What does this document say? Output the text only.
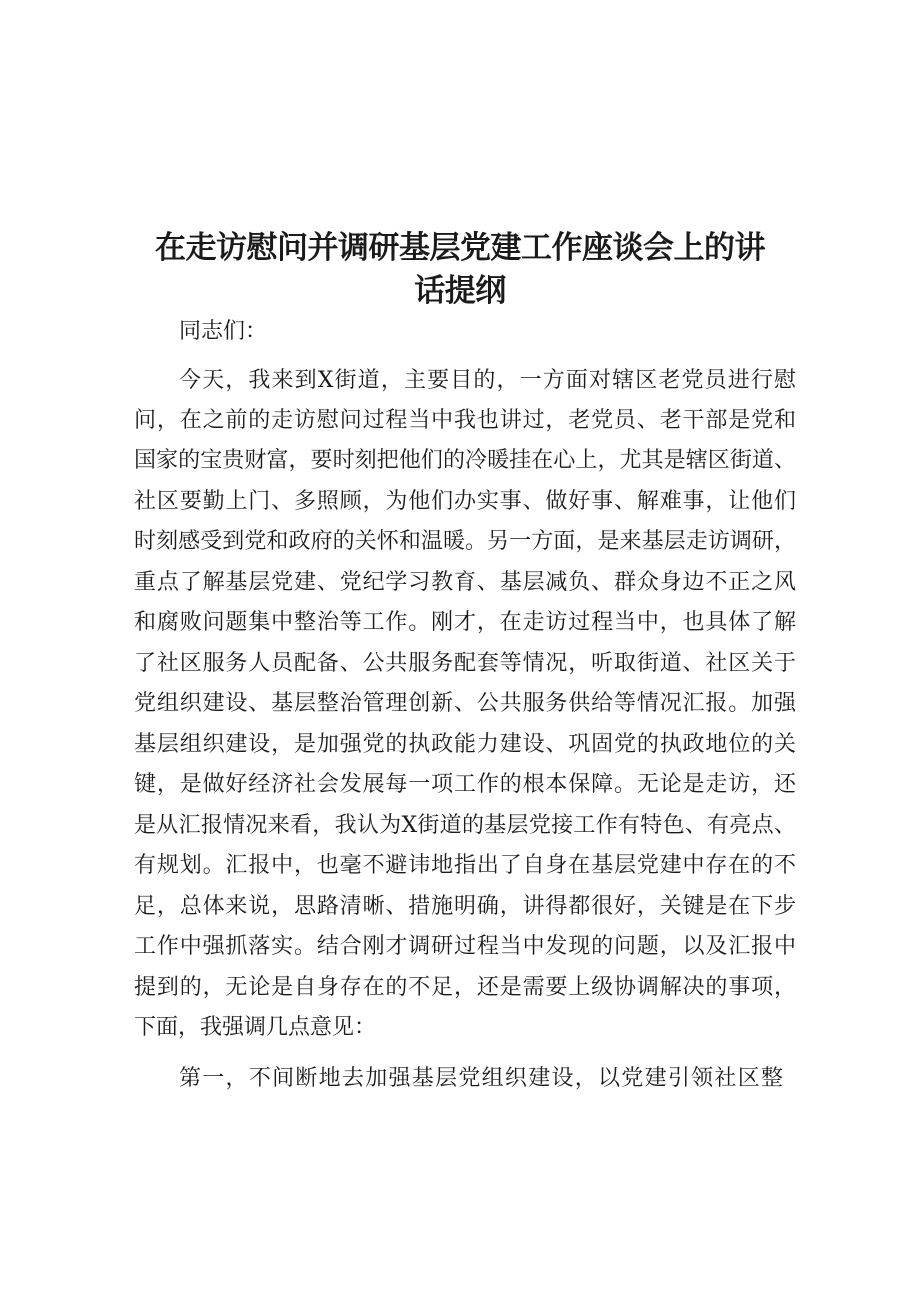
在走访慰问并调研基层党建工作座谈会上的讲
话提纲
同志们：
今天，我来到X街道，主要目的，一方面对辖区老党员进行慰
问，在之前的走访慰问过程当中我也讲过，老党员、老干部是党和
国家的宝贵财富，要时刻把他们的冷暖挂在心上，尤其是辖区街道、
社区要勤上门、多照顾，为他们办实事、做好事、解难事，让他们
时刻感受到党和政府的关怀和温暖。另一方面，是来基层走访调研，
重点了解基层党建、党纪学习教育、基层减负、群众身边不正之风
和腐败问题集中整治等工作。刚才，在走访过程当中，也具体了解
了社区服务人员配备、公共服务配套等情况，听取街道、社区关于
党组织建设、基层整治管理创新、公共服务供给等情况汇报。加强
基层组织建设，是加强党的执政能力建设、巩固党的执政地位的关
键，是做好经济社会发展每一项工作的根本保障。无论是走访，还
是从汇报情况来看，我认为X街道的基层党接工作有特色、有亮点、
有规划。汇报中，也毫不避讳地指出了自身在基层党建中存在的不
足，总体来说，思路清晰、措施明确，讲得都很好，关键是在下步
工作中强抓落实。结合刚才调研过程当中发现的问题，以及汇报中
提到的，无论是自身存在的不足，还是需要上级协调解决的事项，
下面，我强调几点意见：
第一，不间断地去加强基层党组织建设，以党建引领社区整
